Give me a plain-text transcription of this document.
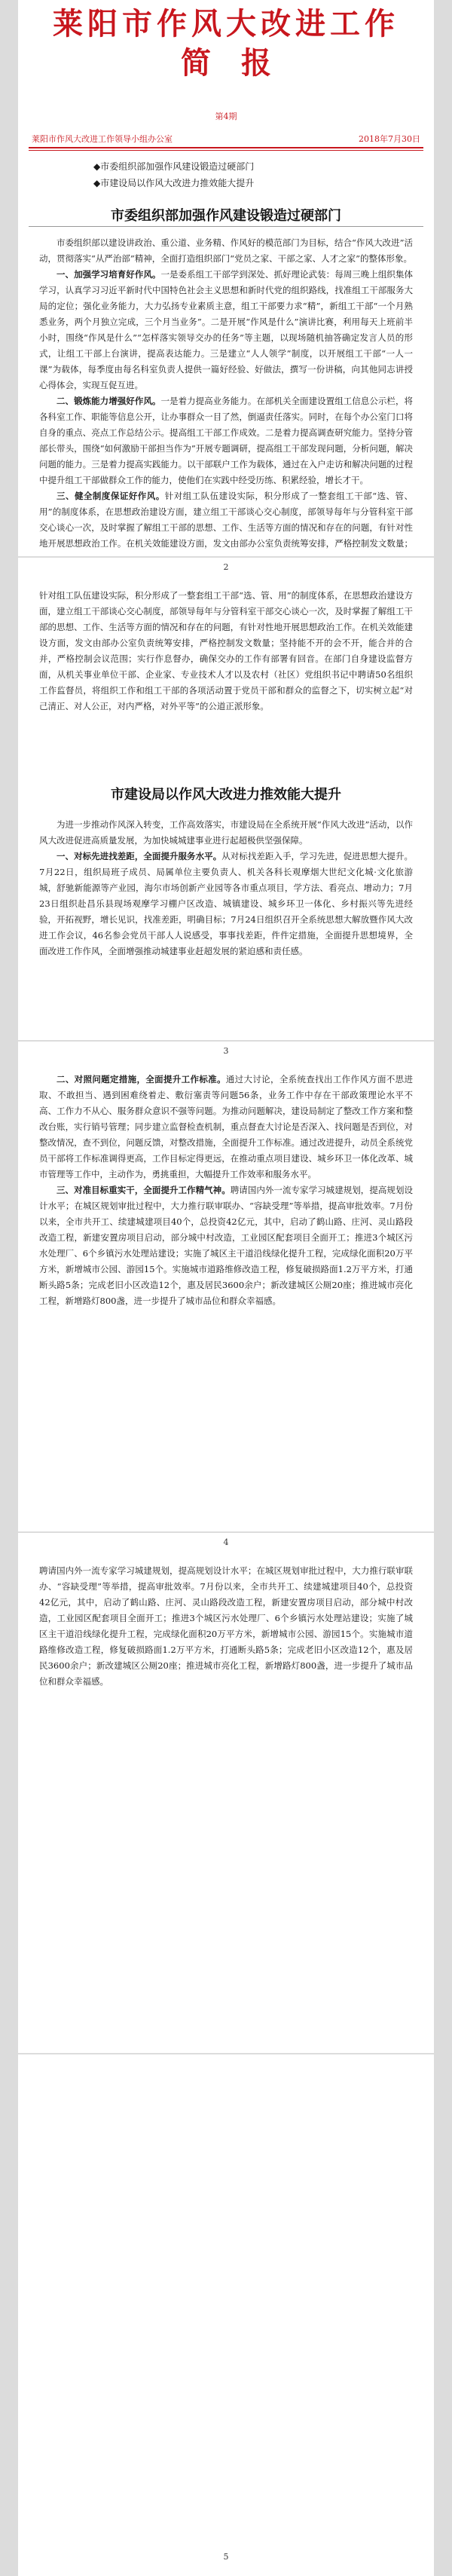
莱阳市作风大改进工作
简报
第4期
莱阳市作风大改进工作领导小组办公室	2018年7月30日
◆市委组织部加强作风建设锻造过硬部门
◆市建设局以作风大改进力推效能大提升
市委组织部加强作风建设锻造过硬部门

市委组织部以建设讲政治、重公道、业务精、作风好的模范部门为目标，结合“作风大改进”活动，贯彻落实“从严治部”精神，全面打造组织部门“党员之家、干部之家、人才之家”的整体形象。

一、加强学习培育好作风。一是委系组工干部学到深处、抓好理论武装：每周三晚上组织集体学习，认真学习习近平新时代中国特色社会主义思想和新时代党的组织路线，找准组工干部服务大局的定位；强化业务能力，大力弘扬专业素质主意，组工干部要力求“精”，新组工干部“一个月熟悉业务，两个月独立完成，三个月当业务”。二是开展“作风是什么”演讲比赛，利用每天上班前半小时，围绕“作风是什么”“怎样落实领导交办的任务”等主题，以现场随机抽答确定发言人员的形式，让组工干部上台演讲，提高表达能力。三是建立“人人领学”制度，以开展组工干部“一人一课”为载体，每季度由每名科室负责人提供一篇好经验、好做法，撰写一份讲稿，向其他同志讲授心得体会，实现互促互进。

二、锻炼能力增强好作风。一是着力提高业务能力。在部机关全面建设置组工信息公示栏，将各科室工作、职能等信息公开，让办事群众一目了然，倒逼责任落实。同时，在每个办公室门口将自身的重点、亮点工作总结公示。提高组工干部工作成效。二是着力提高调查研究能力。坚持分管部长带头，围绕“如何激励干部担当作为”开展专题调研，提高组工干部发现问题，分析问题，解决问题的能力。三是着力提高实践能力。以干部联户工作为载体，通过在入户走访和解决问题的过程中提升组工干部做群众工作的能力，使他们在实践中经受历练、积累经验，增长才干。

三、健全制度保证好作风。针对组工队伍建设实际，积分形成了一整套组工干部“选、管、用”的制度体系，在思想政治建设方面，建立组工干部谈心交心制度，部领导每年与分管科室干部交心谈心一次，及时掌握了解组工干部的思想、工作、生活等方面的情况和存在的问题，有针对性地开展思想政治工作。在机关效能建设方面，发文由部办公室负责统筹安排，严格控制发文数量；

2

针对组工队伍建设实际，积分形成了一整套组工干部“选、管、用”的制度体系，在思想政治建设方面，建立组工干部谈心交心制度，部领导每年与分管科室干部交心谈心一次，及时掌握了解组工干部的思想、工作、生活等方面的情况和存在的问题，有针对性地开展思想政治工作。在机关效能建设方面，发文由部办公室负责统筹安排，严格控制发文数量；坚持能不开的会不开，能合并的合并，严格控制会议范围；实行作息督办，确保交办的工作有部署有回音。在部门自身建设监督方面，从机关事业单位干部、企业家、专业技术人才以及农村（社区）党组织书记中聘请50名组织工作监督员，将组织工作和组工干部的各项活动置于党员干部和群众的监督之下，切实树立起“对己清正、对人公正，对内严格，对外平等”的公道正派形象。

市建设局以作风大改进力推效能大提升

为进一步推动作风深入转变，工作高效落实，市建设局在全系统开展“作风大改进”活动，以作风大改进促进高质量发展，为加快城城建事业进行起超极供坚强保障。

一、对标先进找差距，全面提升服务水平。从对标找差距入手，学习先进，促进思想大提升。7月22日，组织局班子成员、局属单位主要负责人、机关各科长观摩烟大世纪文化城·文化旅游城，舒驰新能源等产业园，海尔市场创新产业园等各市重点项目，学方法、看亮点、增动力；7月23日组织赴昌乐县现场观摩学习棚户区改造、城镇建设、城乡环卫一体化、乡村振兴等先进经验，开拓视野，增长见识，找准差距，明确目标；7月24日组织召开全系统思想大解放暨作风大改进工作会议，46名参会党员干部人人说感受，事事找差距，件件定措施，全面提升思想境界，全面改进工作作风，全面增强推动城建事业赶超发展的紧迫感和责任感。

3

二、对照问题定措施，全面提升工作标准。通过大讨论，全系统查找出工作作风方面不思进取、不敢担当、遇到困难绕着走、敷衍塞责等问题56条，业务工作中存在干部政策理论水平不高、工作力不从心、服务群众意识不强等问题。为推动问题解决，建设局制定了整改工作方案和整改台账，实行销号管理；同步建立监督检查机制，重点督查大讨论是否深入、找问题是否到位，对整改情况，查不到位，问题反馈，对整改措施，全面提升工作标准。通过改进提升，动员全系统党员干部将工作标准调得更高，工作目标定得更远，在推动重点项目建设、城乡环卫一体化改革、城市管理等工作中，主动作为，勇挑重担，大幅提升工作效率和服务水平。

三、对准目标重实干，全面提升工作精气神。聘请国内外一流专家学习城建规划，提高规划设计水平；在城区规划审批过程中，大力推行联审联办、“容缺受理”等举措，提高审批效率。7月份以来，全市共开工、续建城建项目40个，总投资42亿元，其中，启动了鹤山路、庄河、灵山路段改造工程，新建安置房项目启动，部分城中村改造，工业园区配套项目全面开工；推进3个城区污水处理厂、6个乡镇污水处理站建设；实施了城区主干道沿线绿化提升工程，完成绿化面积20万平方米，新增城市公园、游园15个。实施城市道路维修改造工程，修复破损路面1.2万平方米，打通断头路5条；完成老旧小区改造12个，惠及居民3600余户；新改建城区公厕20座；推进城市亮化工程，新增路灯800盏，进一步提升了城市品位和群众幸福感。

4

聘请国内外一流专家学习城建规划，提高规划设计水平；在城区规划审批过程中，大力推行联审联办、“容缺受理”等举措，提高审批效率。7月份以来，全市共开工、续建城建项目40个，总投资42亿元，其中，启动了鹤山路、庄河、灵山路段改造工程，新建安置房项目启动，部分城中村改造，工业园区配套项目全面开工；推进3个城区污水处理厂、6个乡镇污水处理站建设；实施了城区主干道沿线绿化提升工程，完成绿化面积20万平方米，新增城市公园、游园15个。实施城市道路维修改造工程，修复破损路面1.2万平方米，打通断头路5条；完成老旧小区改造12个，惠及居民3600余户；新改建城区公厕20座；推进城市亮化工程，新增路灯800盏，进一步提升了城市品位和群众幸福感。

5
